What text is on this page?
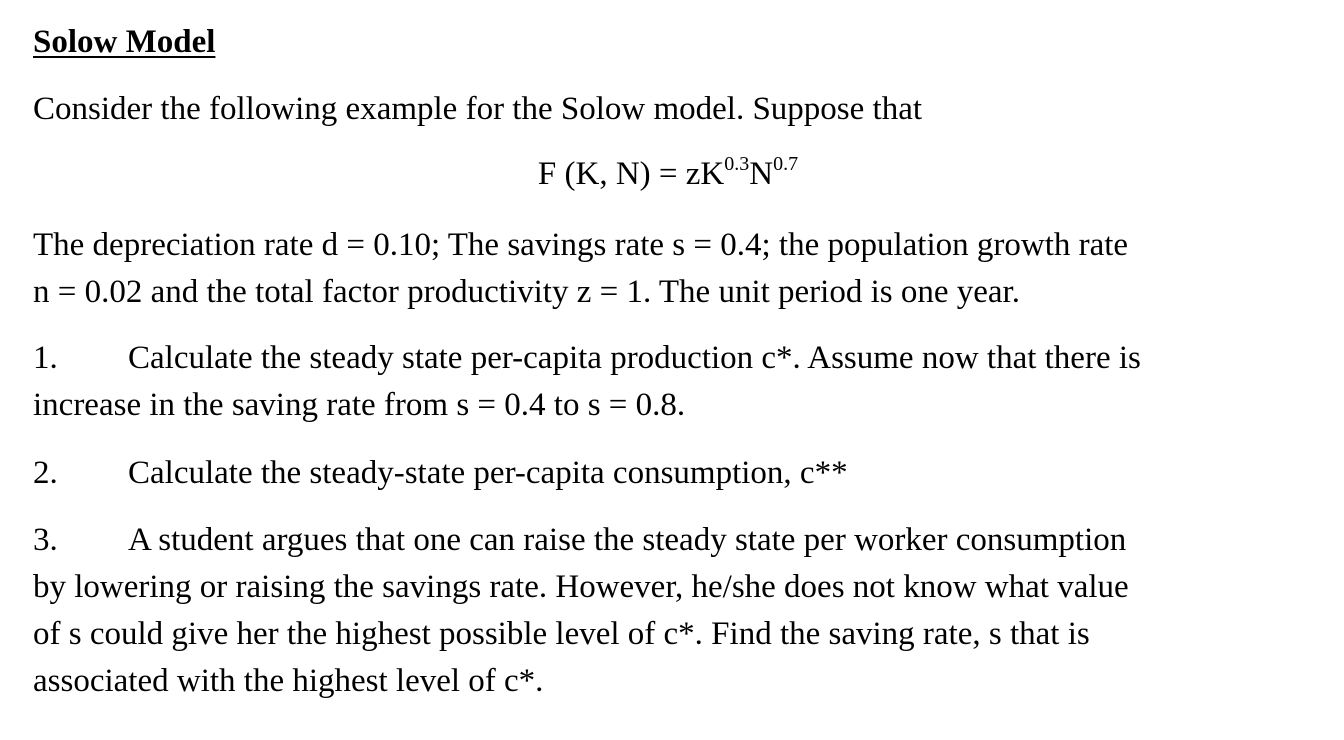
Solow Model
Consider the following example for the Solow model. Suppose that
F (K, $N) = zK^{0.3}N^{0.7}$
The depreciation rate d = 0.10; The savings rate s = 0.4; the population growth rate
n = 0.02 and the total factor productivity z = 1. The unit period is one year.
1. Calculate the steady state per-capita production c*. Assume now that there is
increase in the saving rate from s = 0.4 to s = 0.8.
2. Calculate the steady-state per-capita consumption, c**
3. A student argues that one can raise the steady state per worker consumption
by lowering or raising the savings rate. However, he/she does not know what value
of s could give her the highest possible level of c*. Find the saving rate, s that is
associated with the highest level of c*.
